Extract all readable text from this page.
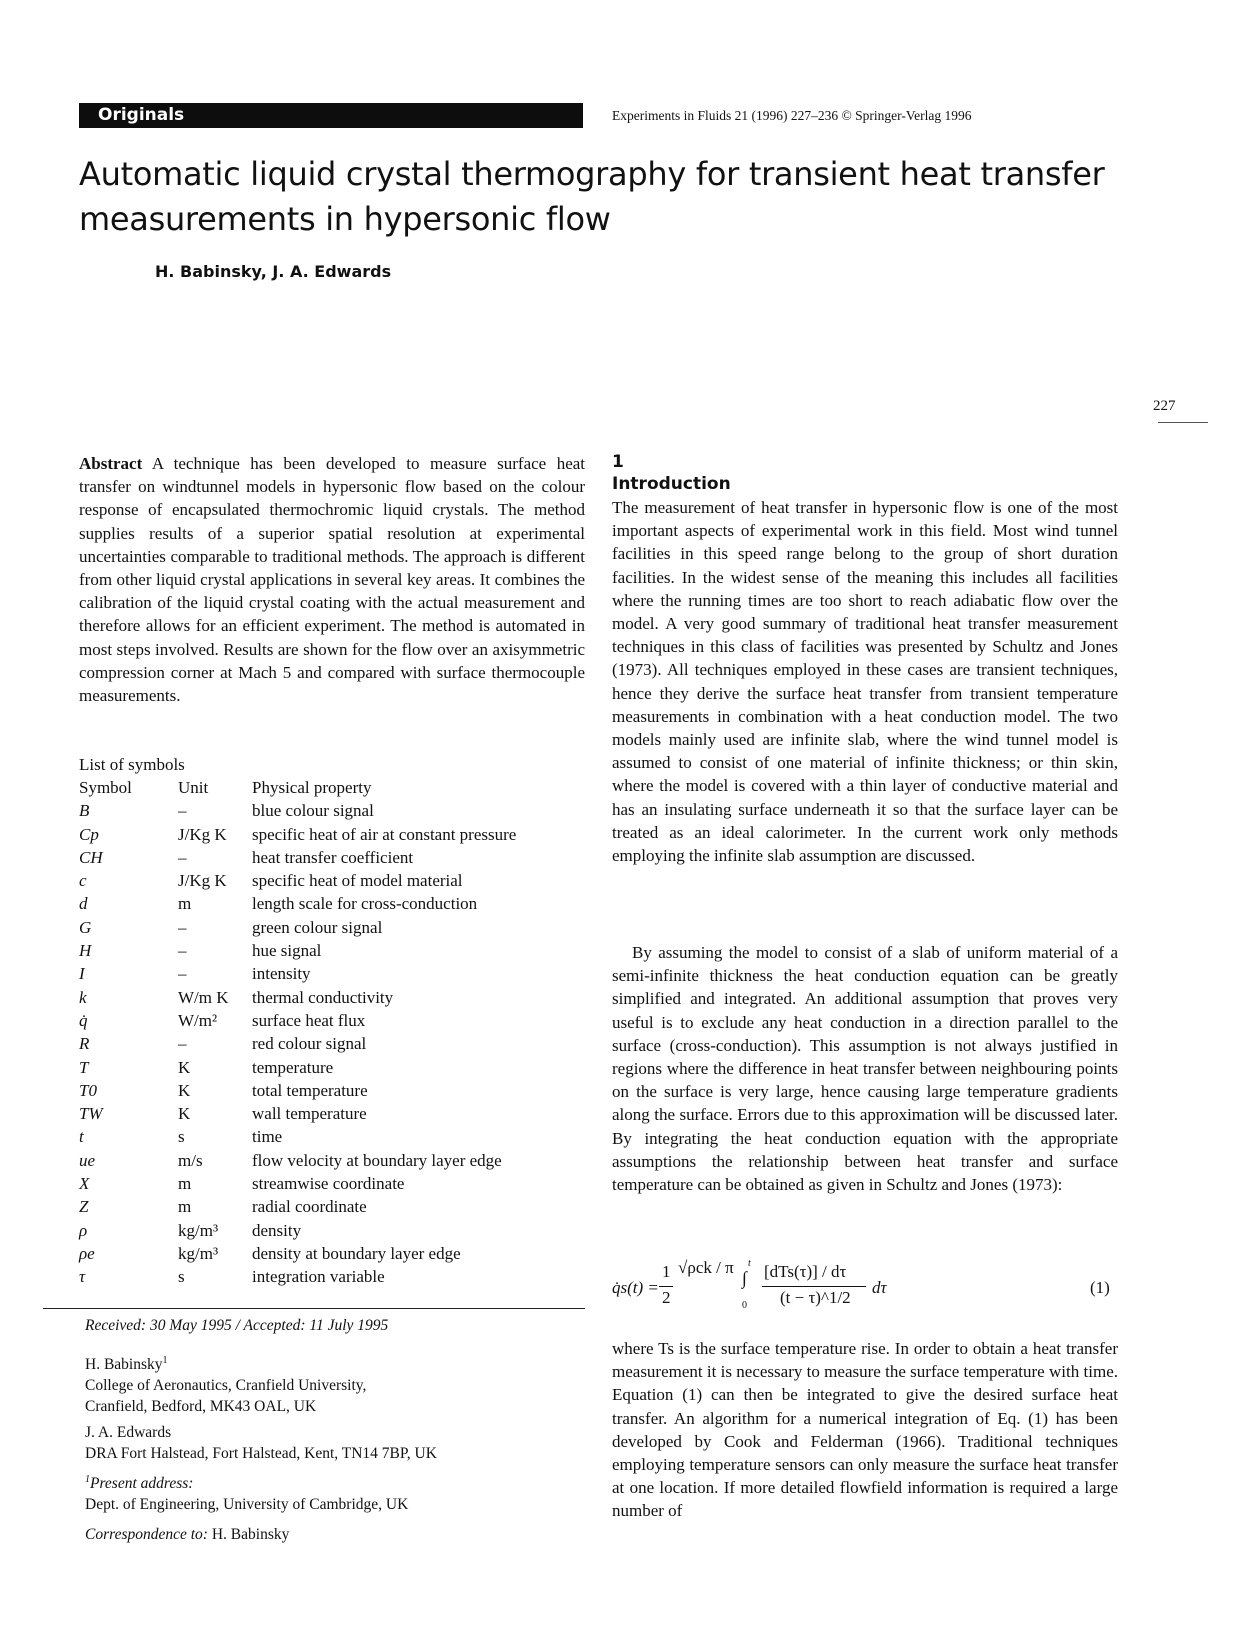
Originals	Experiments in Fluids 21 (1996) 227–236 © Springer-Verlag 1996
Automatic liquid crystal thermography for transient heat transfer measurements in hypersonic flow
H. Babinsky, J. A. Edwards
227

Abstract A technique has been developed to measure surface heat transfer on windtunnel models in hypersonic flow based on the colour response of encapsulated thermochromic liquid crystals. The method supplies results of a superior spatial resolution at experimental uncertainties comparable to traditional methods. The approach is different from other liquid crystal applications in several key areas. It combines the calibration of the liquid crystal coating with the actual measurement and therefore allows for an efficient experiment. The method is automated in most steps involved. Results are shown for the flow over an axisymmetric compression corner at Mach 5 and compared with surface thermocouple measurements.

List of symbols
Symbol	Unit	Physical property
B	–	blue colour signal
Cp	J/Kg K	specific heat of air at constant pressure
CH	–	heat transfer coefficient
c	J/Kg K	specific heat of model material
d	m	length scale for cross-conduction
G	–	green colour signal
H	–	hue signal
I	–	intensity
k	W/m K	thermal conductivity
q̇	W/m²	surface heat flux
R	–	red colour signal
T	K	temperature
T0	K	total temperature
TW	K	wall temperature
t	s	time
ue	m/s	flow velocity at boundary layer edge
X	m	streamwise coordinate
Z	m	radial coordinate
ρ	kg/m³	density
ρe	kg/m³	density at boundary layer edge
τ	s	integration variable
Received: 30 May 1995 / Accepted: 11 July 1995
H. Babinsky$^1$
College of Aeronautics, Cranfield University,
Cranfield, Bedford, MK43 OAL, UK
J. A. Edwards
DRA Fort Halstead, Fort Halstead, Kent, TN14 7BP, UK
$^1$Present address:
Dept. of Engineering, University of Cambridge, UK
Correspondence to: H. Babinsky
1
Introduction

The measurement of heat transfer in hypersonic flow is one of the most important aspects of experimental work in this field. Most wind tunnel facilities in this speed range belong to the group of short duration facilities. In the widest sense of the meaning this includes all facilities where the running times are too short to reach adiabatic flow over the model. A very good summary of traditional heat transfer measurement techniques in this class of facilities was presented by Schultz and Jones (1973). All techniques employed in these cases are transient techniques, hence they derive the surface heat transfer from transient temperature measurements in combination with a heat conduction model. The two models mainly used are infinite slab, where the wind tunnel model is assumed to consist of one material of infinite thickness; or thin skin, where the model is covered with a thin layer of conductive material and has an insulating surface underneath it so that the surface layer can be treated as an ideal calorimeter. In the current work only methods employing the infinite slab assumption are discussed.

By assuming the model to consist of a slab of uniform material of a semi-infinite thickness the heat conduction equation can be greatly simplified and integrated. An additional assumption that proves very useful is to exclude any heat conduction in a direction parallel to the surface (cross-conduction). This assumption is not always justified in regions where the difference in heat transfer between neighbouring points on the surface is very large, hence causing large temperature gradients along the surface. Errors due to this approximation will be discussed later. By integrating the heat conduction equation with the appropriate assumptions the relationship between heat transfer and surface temperature can be obtained as given in Schultz and Jones (1973):

q̇s(t) =
1
2
√ρck / π
∫
t
0
[dTs(τ)] / dτ
(t − τ)^1/2
dτ	(1)

where Ts is the surface temperature rise. In order to obtain a heat transfer measurement it is necessary to measure the surface temperature with time. Equation (1) can then be integrated to give the desired surface heat transfer. An algorithm for a numerical integration of Eq. (1) has been developed by Cook and Felderman (1966). Traditional techniques employing temperature sensors can only measure the surface heat transfer at one location. If more detailed flowfield information is required a large number of
